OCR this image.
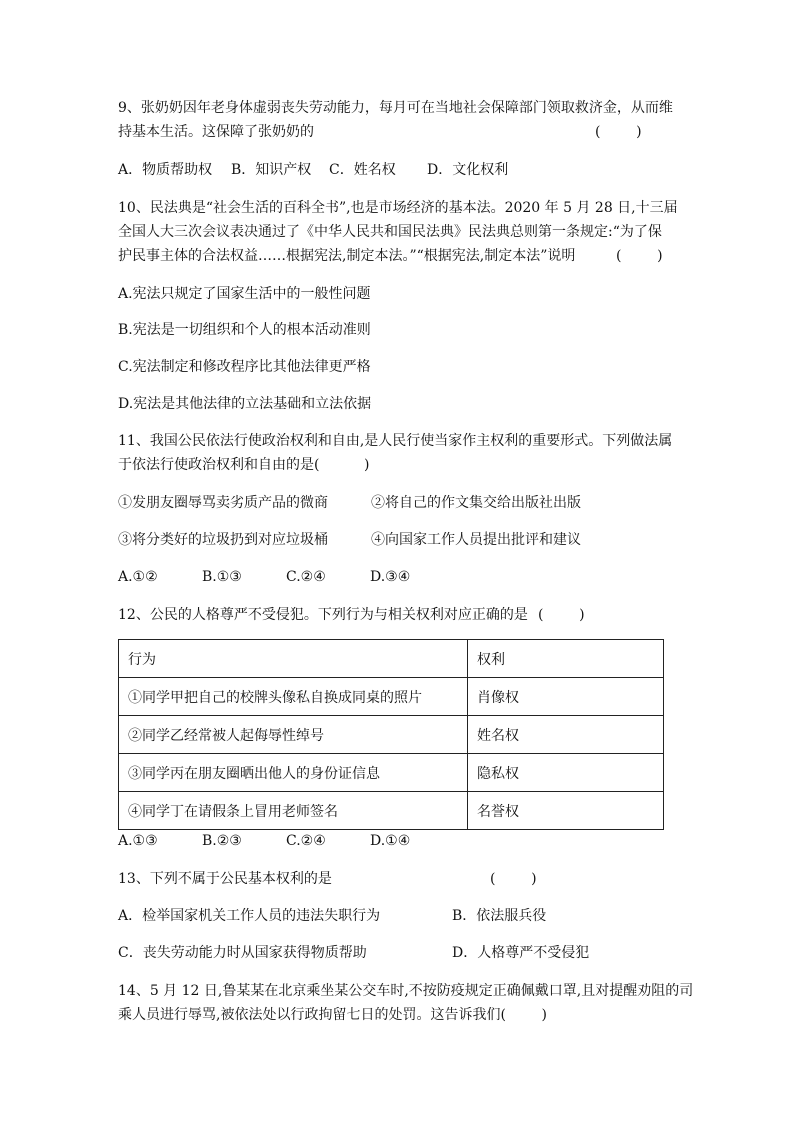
9、张奶奶因年老身体虚弱丧失劳动能力，每月可在当地社会保障部门领取救济金，从而维
持基本生活。这保障了张奶奶的	(        )
A．物质帮助权 B．知识产权 C．姓名权 D．文化权利
10、民法典是“社会生活的百科全书”,也是市场经济的基本法。2020 年 5 月 28 日,十三届
全国人大三次会议表决通过了《中华人民共和国民法典》民法典总则第一条规定:“为了保
护民事主体的合法权益……根据宪法,制定本法。”“根据宪法,制定本法”说明	(        )
A.宪法只规定了国家生活中的一般性问题
B.宪法是一切组织和个人的根本活动准则
C.宪法制定和修改程序比其他法律更严格
D.宪法是其他法律的立法基础和立法依据
11、我国公民依法行使政治权利和自由,是人民行使当家作主权利的重要形式。下列做法属
于依法行使政治权利和自由的是(          )
①发朋友圈辱骂卖劣质产品的微商	②将自己的作文集交给出版社出版
③将分类好的垃圾扔到对应垃圾桶	④向国家工作人员提出批评和建议
A.①②	B.①③	C.②④	D.③④
12、公民的人格尊严不受侵犯。下列行为与相关权利对应正确的是 (        )
行为	权利
①同学甲把自己的校牌头像私自换成同桌的照片	肖像权
②同学乙经常被人起侮辱性绰号	姓名权
③同学丙在朋友圈晒出他人的身份证信息	隐私权
④同学丁在请假条上冒用老师签名	名誉权
A.①③	B.②③	C.②④	D.①④
13、下列不属于公民基本权利的是	(        )
A．检举国家机关工作人员的违法失职行为	B．依法服兵役
C．丧失劳动能力时从国家获得物质帮助	D．人格尊严不受侵犯
14、5 月 12 日,鲁某某在北京乘坐某公交车时,不按防疫规定正确佩戴口罩,且对提醒劝阻的司
乘人员进行辱骂,被依法处以行政拘留七日的处罚。这告诉我们(        )
